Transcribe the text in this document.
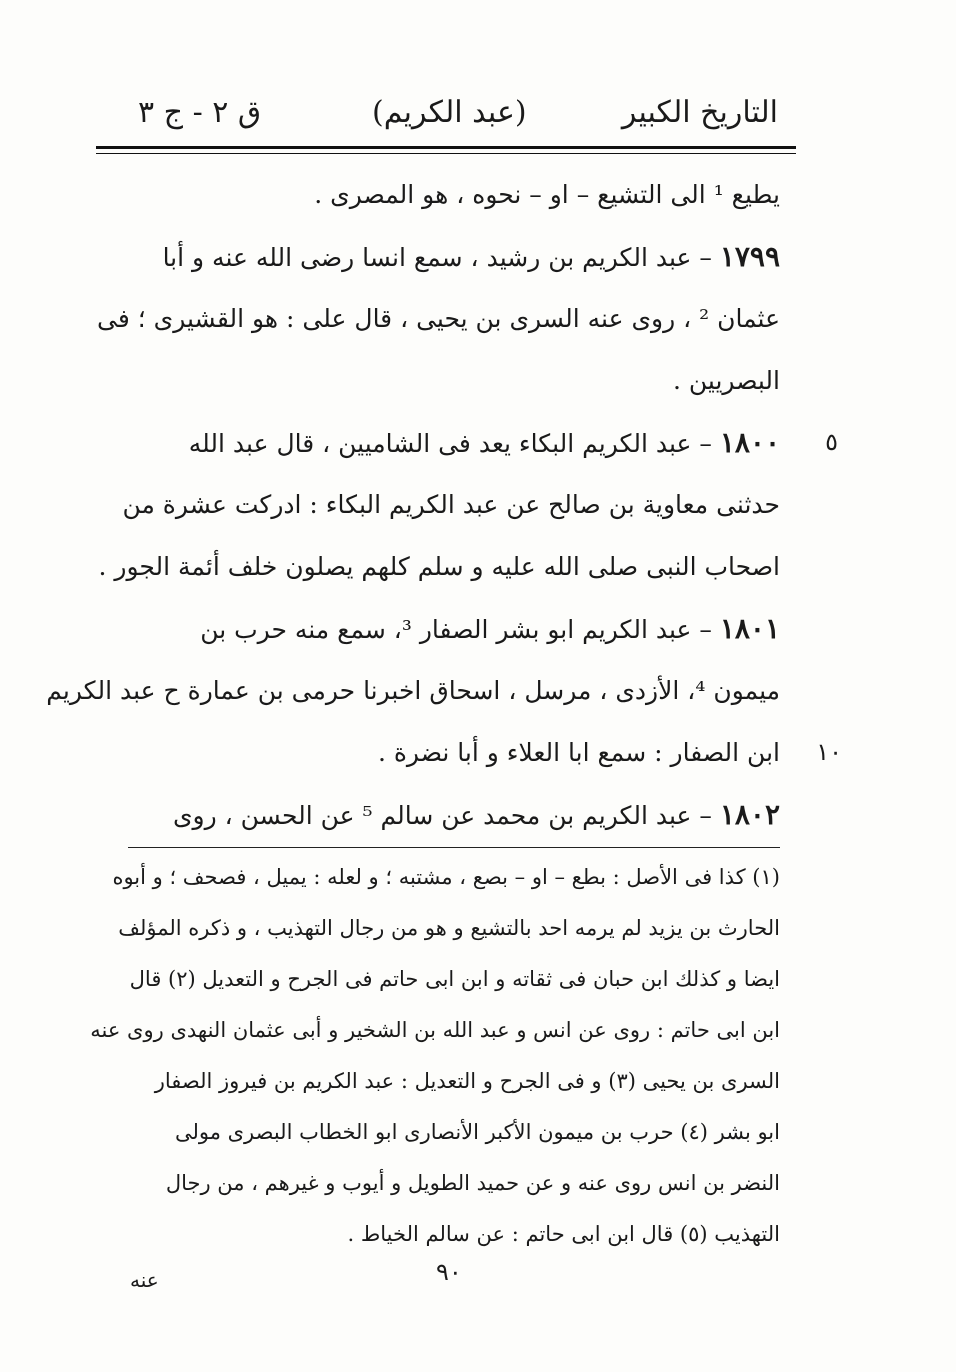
التاريخ الكبير
(عبد الكريم)
ق ٢ - ج ٣
يطيع ¹ الى التشيع – او – نحوه ، هو المصرى .
١٧٩٩ – عبد الكريم بن رشيد ، سمع انسا رضى الله عنه و أبا
عثمان ² ، روى عنه السرى بن يحيى ، قال علی : هو القشيرى ؛ فى
البصريين .
١٨٠٠ – عبد الكريم البكاء يعد فى الشاميين ، قال عبد الله
حدثنى معاوية بن صالح عن عبد الكريم البكاء : ادركت عشرة من
اصحاب النبى صلى الله عليه و سلم كلهم يصلون خلف أئمة الجور .
١٨٠١ – عبد الكريم ابو بشر الصفار ³، سمع منه حرب بن
ميمون ⁴، الأزدى ، مرسل ، اسحاق اخبرنا حرمى بن عمارة ح عبد الكريم
ابن الصفار : سمع ابا العلاء و أبا نضرة .
١٨٠٢ – عبد الكريم بن محمد عن سالم ⁵ عن الحسن ، روى
٥
١٠
(١) كذا فى الأصل : بطع – او – بصع ، مشتبه ؛ و لعله : يميل ، فصحف ؛ و أبوه
الحارث بن يزيد لم يرمه احد بالتشيع و هو من رجال التهذيب ، و ذكره المؤلف
ايضا و كذلك ابن حبان فى ثقاته و ابن ابى حاتم فى الجرح و التعديل (٢) قال
ابن ابى حاتم : روى عن انس و عبد الله بن الشخير و أبى عثمان النهدى روى عنه
السرى بن يحيى (٣) و فى الجرح و التعديل : عبد الكريم بن فيروز الصفار
ابو بشر (٤) حرب بن ميمون الأكبر الأنصارى ابو الخطاب البصرى مولى
النضر بن انس روى عنه و عن حميد الطويل و أيوب و غيرهم ، من رجال
التهذيب (٥) قال ابن ابى حاتم : عن سالم الخياط .
٩٠
عنه
